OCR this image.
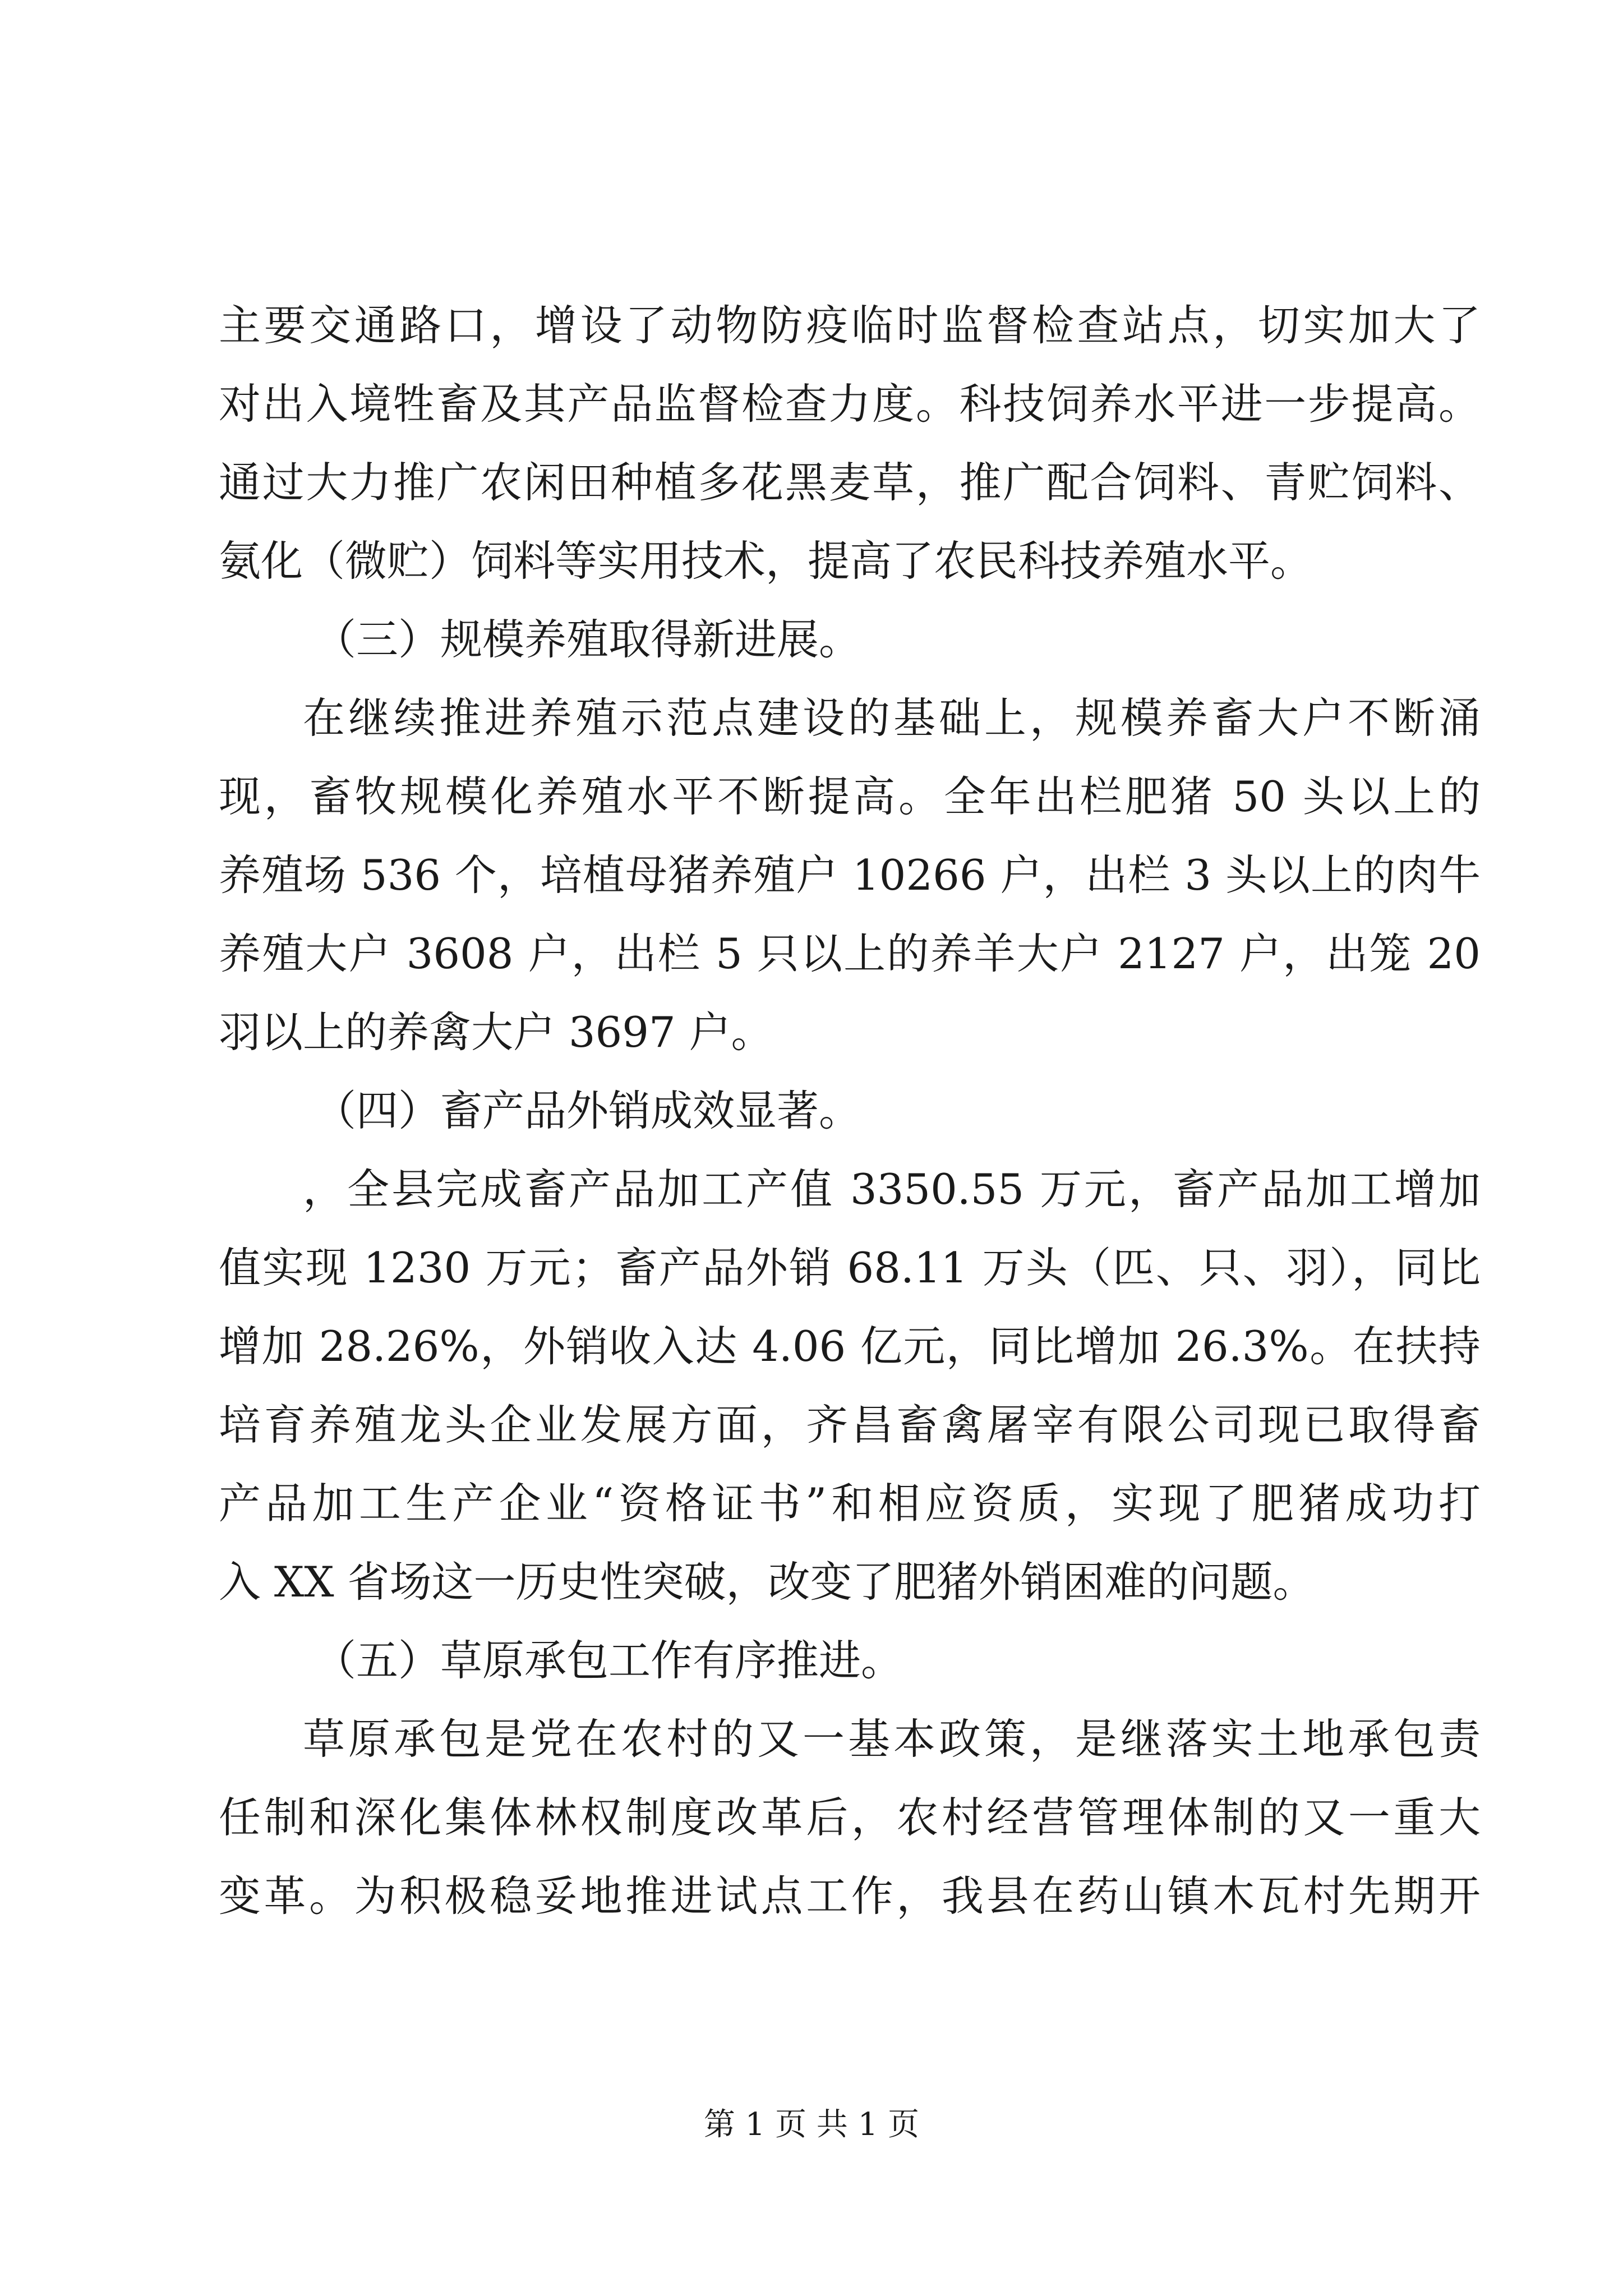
主要交通路口，增设了动物防疫临时监督检查站点，切实加大了
对出入境牲畜及其产品监督检查力度。科技饲养水平进一步提高。
通过大力推广农闲田种植多花黑麦草，推广配合饲料、青贮饲料、
氨化（微贮）饲料等实用技术，提高了农民科技养殖水平。
（三）规模养殖取得新进展。
在继续推进养殖示范点建设的基础上，规模养畜大户不断涌
现，畜牧规模化养殖水平不断提高。全年出栏肥猪 50 头以上的
养殖场 536 个，培植母猪养殖户 10266 户，出栏 3 头以上的肉牛
养殖大户 3608 户，出栏 5 只以上的养羊大户 2127 户，出笼 20
羽以上的养禽大户 3697 户。
（四）畜产品外销成效显著。
，全县完成畜产品加工产值 3350.55 万元，畜产品加工增加
值实现 1230 万元；畜产品外销 68.11 万头（匹、只、羽），同比
增加 28.26%，外销收入达 4.06 亿元，同比增加 26.3%。在扶持
培育养殖龙头企业发展方面，齐昌畜禽屠宰有限公司现已取得畜
产品加工生产企业“资格证书”和相应资质，实现了肥猪成功打
入 XX 省场这一历史性突破，改变了肥猪外销困难的问题。
（五）草原承包工作有序推进。
草原承包是党在农村的又一基本政策，是继落实土地承包责
任制和深化集体林权制度改革后，农村经营管理体制的又一重大
变革。为积极稳妥地推进试点工作，我县在药山镇木瓦村先期开
第 1 页 共 1 页
